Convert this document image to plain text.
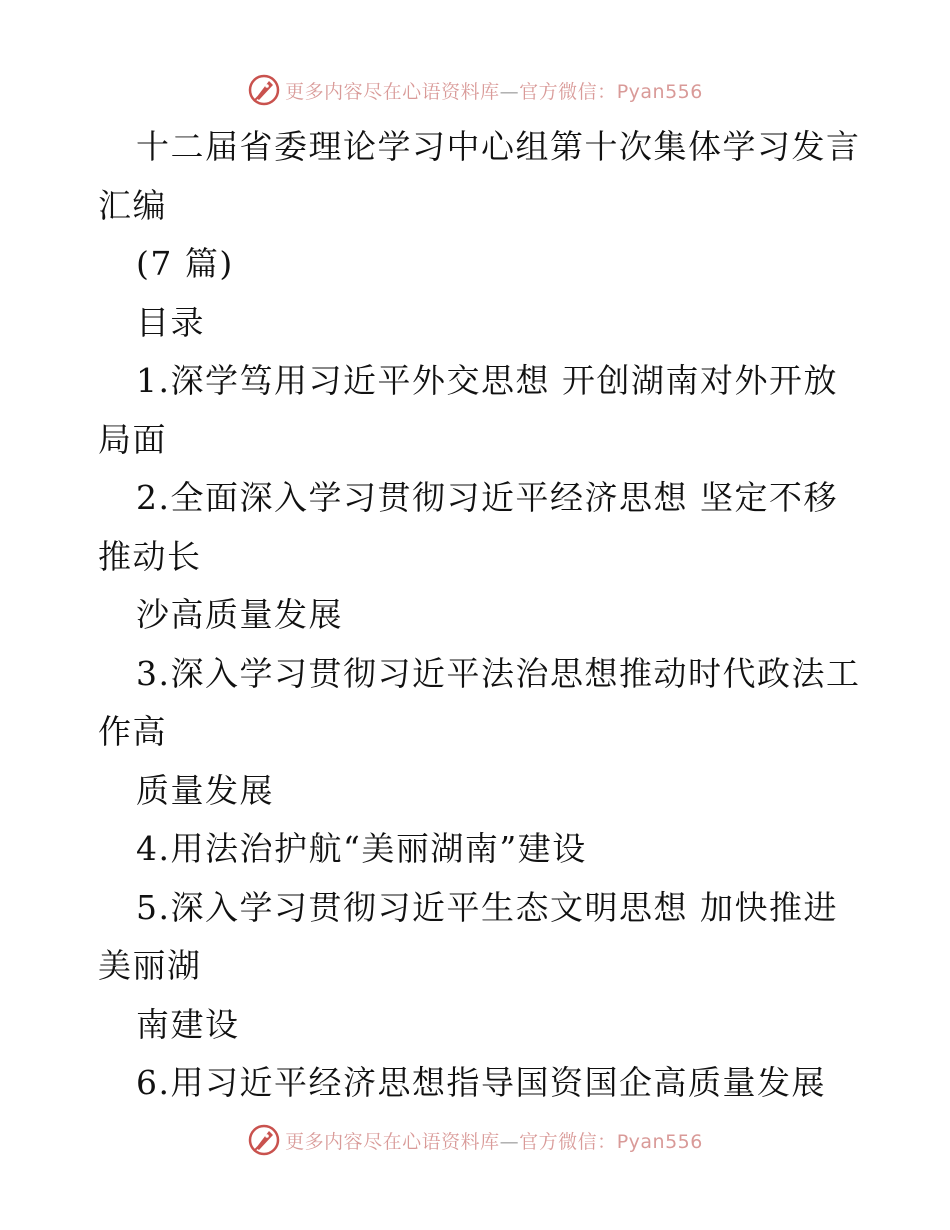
更多内容尽在心语资料库—官方微信：Pyan556
十二届省委理论学习中心组第十次集体学习发言
汇编
(7 篇)
目录
1.深学笃用习近平外交思想 开创湖南对外开放
局面
2.全面深入学习贯彻习近平经济思想 坚定不移
推动长
沙高质量发展
3.深入学习贯彻习近平法治思想推动时代政法工
作高
质量发展
4.用法治护航“美丽湖南”建设
5.深入学习贯彻习近平生态文明思想 加快推进
美丽湖
南建设
6.用习近平经济思想指导国资国企高质量发展
更多内容尽在心语资料库—官方微信：Pyan556
